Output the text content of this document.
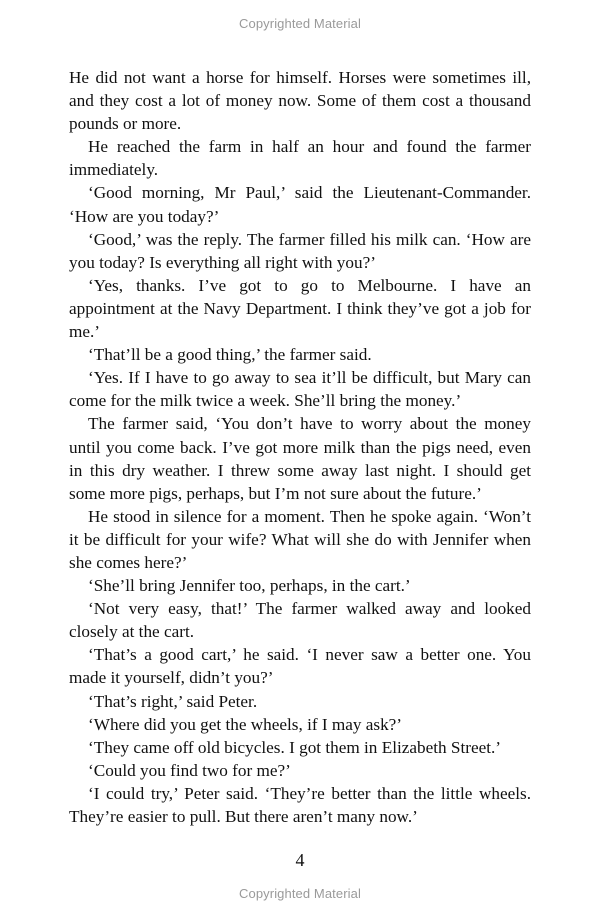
Copyrighted Material

He did not want a horse for himself. Horses were sometimes ill, and they cost a lot of money now. Some of them cost a thousand pounds or more.

He reached the farm in half an hour and found the farmer immediately.

‘Good morning, Mr Paul,’ said the Lieutenant-Commander. ‘How are you today?’

‘Good,’ was the reply. The farmer filled his milk can. ‘How are you today? Is everything all right with you?’

‘Yes, thanks. I’ve got to go to Melbourne. I have an appointment at the Navy Department. I think they’ve got a job for me.’

‘That’ll be a good thing,’ the farmer said.

‘Yes. If I have to go away to sea it’ll be difficult, but Mary can come for the milk twice a week. She’ll bring the money.’

The farmer said, ‘You don’t have to worry about the money until you come back. I’ve got more milk than the pigs need, even in this dry weather. I threw some away last night. I should get some more pigs, perhaps, but I’m not sure about the future.’

He stood in silence for a moment. Then he spoke again. ‘Won’t it be difficult for your wife? What will she do with Jennifer when she comes here?’

‘She’ll bring Jennifer too, perhaps, in the cart.’

‘Not very easy, that!’ The farmer walked away and looked closely at the cart.

‘That’s a good cart,’ he said. ‘I never saw a better one. You made it yourself, didn’t you?’

‘That’s right,’ said Peter.

‘Where did you get the wheels, if I may ask?’

‘They came off old bicycles. I got them in Elizabeth Street.’

‘Could you find two for me?’

‘I could try,’ Peter said. ‘They’re better than the little wheels. They’re easier to pull. But there aren’t many now.’

4
Copyrighted Material
